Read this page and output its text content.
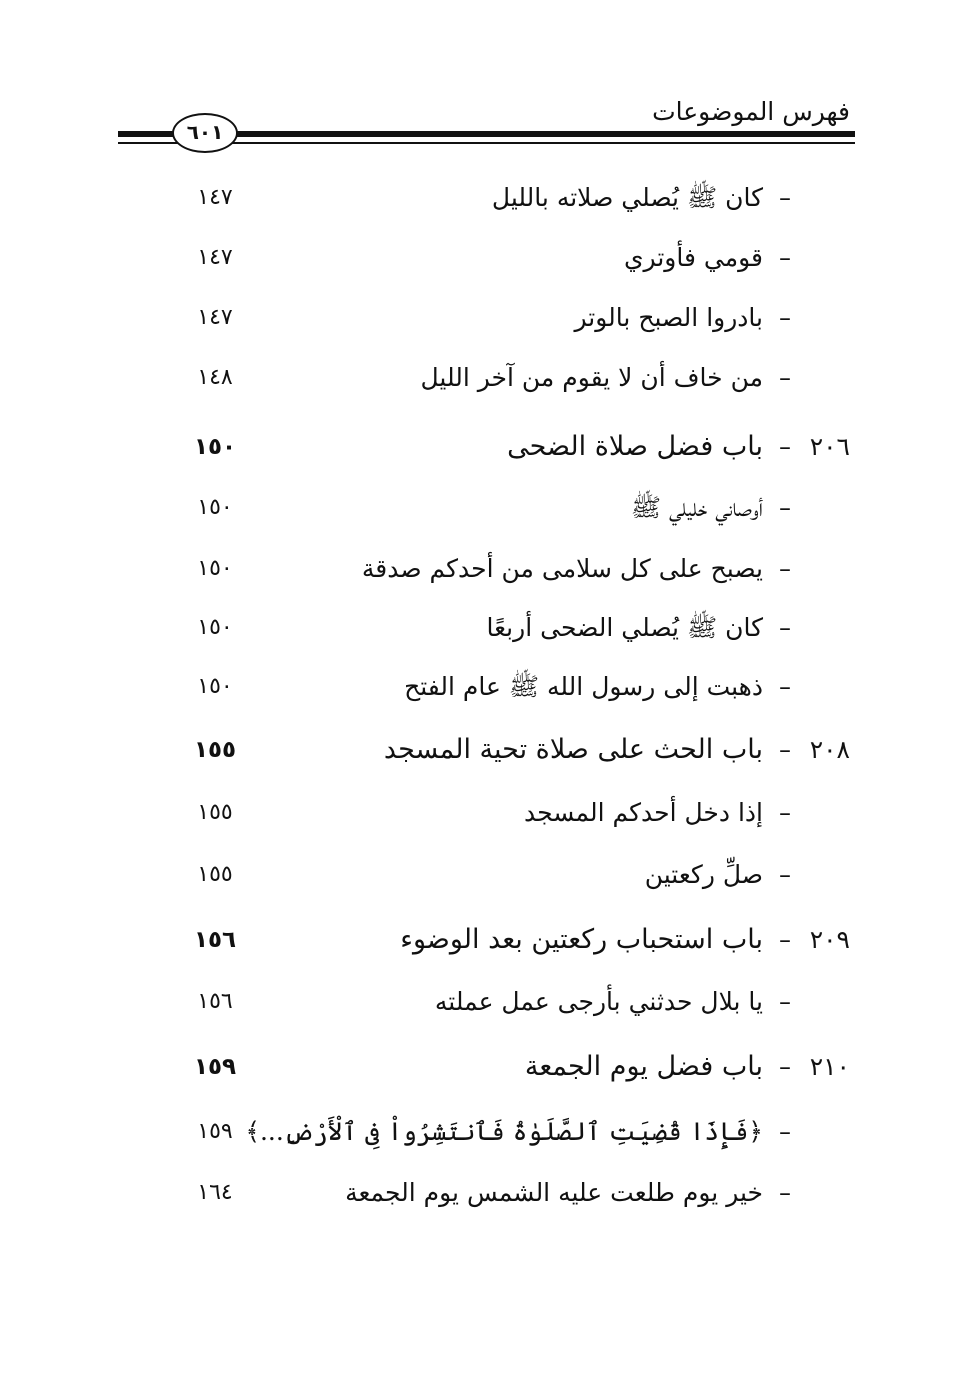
فهرس الموضوعات
٦٠١
١٤٧	كان ﷺ يُصلي صلاته بالليل –
١٤٧	قومي فأوتري –
١٤٧	بادروا الصبح بالوتر –
١٤٨	من خاف أن لا يقوم من آخر الليل –
١٥٠	باب فضل صلاة الضحى – ٢٠٦
١٥٠	أوصاني خليلي ﷺ –
١٥٠	يصبح على كل سلامى من أحدكم صدقة –
١٥٠	كان ﷺ يُصلي الضحى أربعًا –
١٥٠	ذهبت إلى رسول الله ﷺ عام الفتح –
١٥٥	باب الحث على صلاة تحية المسجد – ٢٠٨
١٥٥	إذا دخل أحدكم المسجد –
١٥٥	صلِّ ركعتين –
١٥٦	باب استحباب ركعتين بعد الوضوء – ٢٠٩
١٥٦	يا بلال حدثني بأرجى عمل عملته –
١٥٩	باب فضل يوم الجمعة – ٢١٠
١٥٩ ﴿فَإِذَا قُضِيَتِ ٱلصَّلَوٰةُ فَٱنتَشِرُواْ فِى ٱلْأَرْضِ...﴾ –
١٦٤	خير يوم طلعت عليه الشمس يوم الجمعة –
